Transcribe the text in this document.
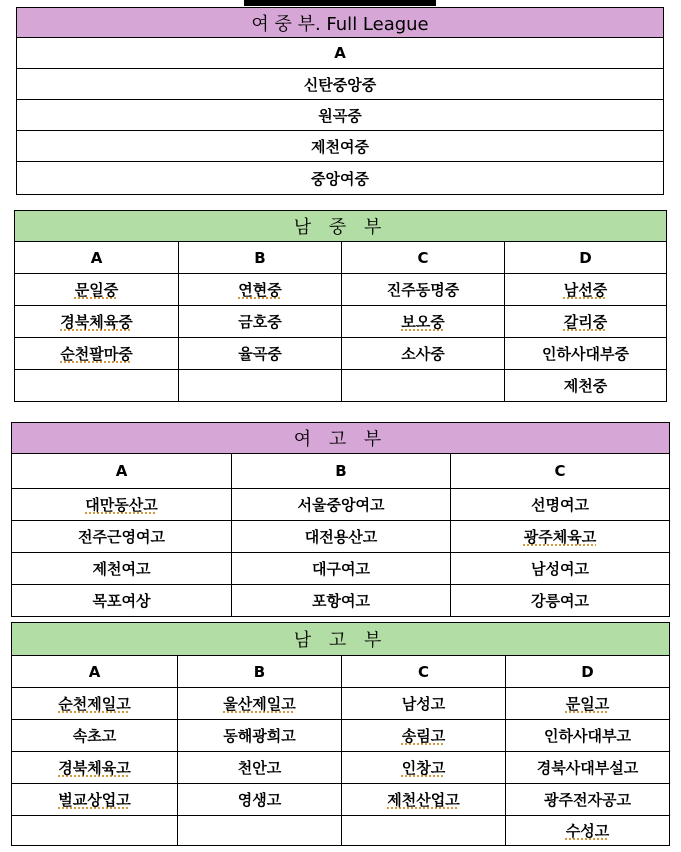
여 중 부. Full League
A
신탄중앙중
원곡중
제천여중
중앙여중
남 중 부			
A	B	C	D
문일중	연현중	진주동명중	남선중
경북체육중	금호중	보오중	갈리중
순천팔마중	율곡중	소사중	인하사대부중
			제천중
여 고 부		
A	B	C
대만동산고	서울중앙여고	선명여고
전주근영여고	대전용산고	광주체육고
제천여고	대구여고	남성여고
목포여상	포항여고	강릉여고
남 고 부			
A	B	C	D
순천제일고	울산제일고	남성고	문일고
속초고	동해광희고	송림고	인하사대부고
경북체육고	천안고	인창고	경북사대부설고
벌교상업고	영생고	제천산업고	광주전자공고
			수성고
